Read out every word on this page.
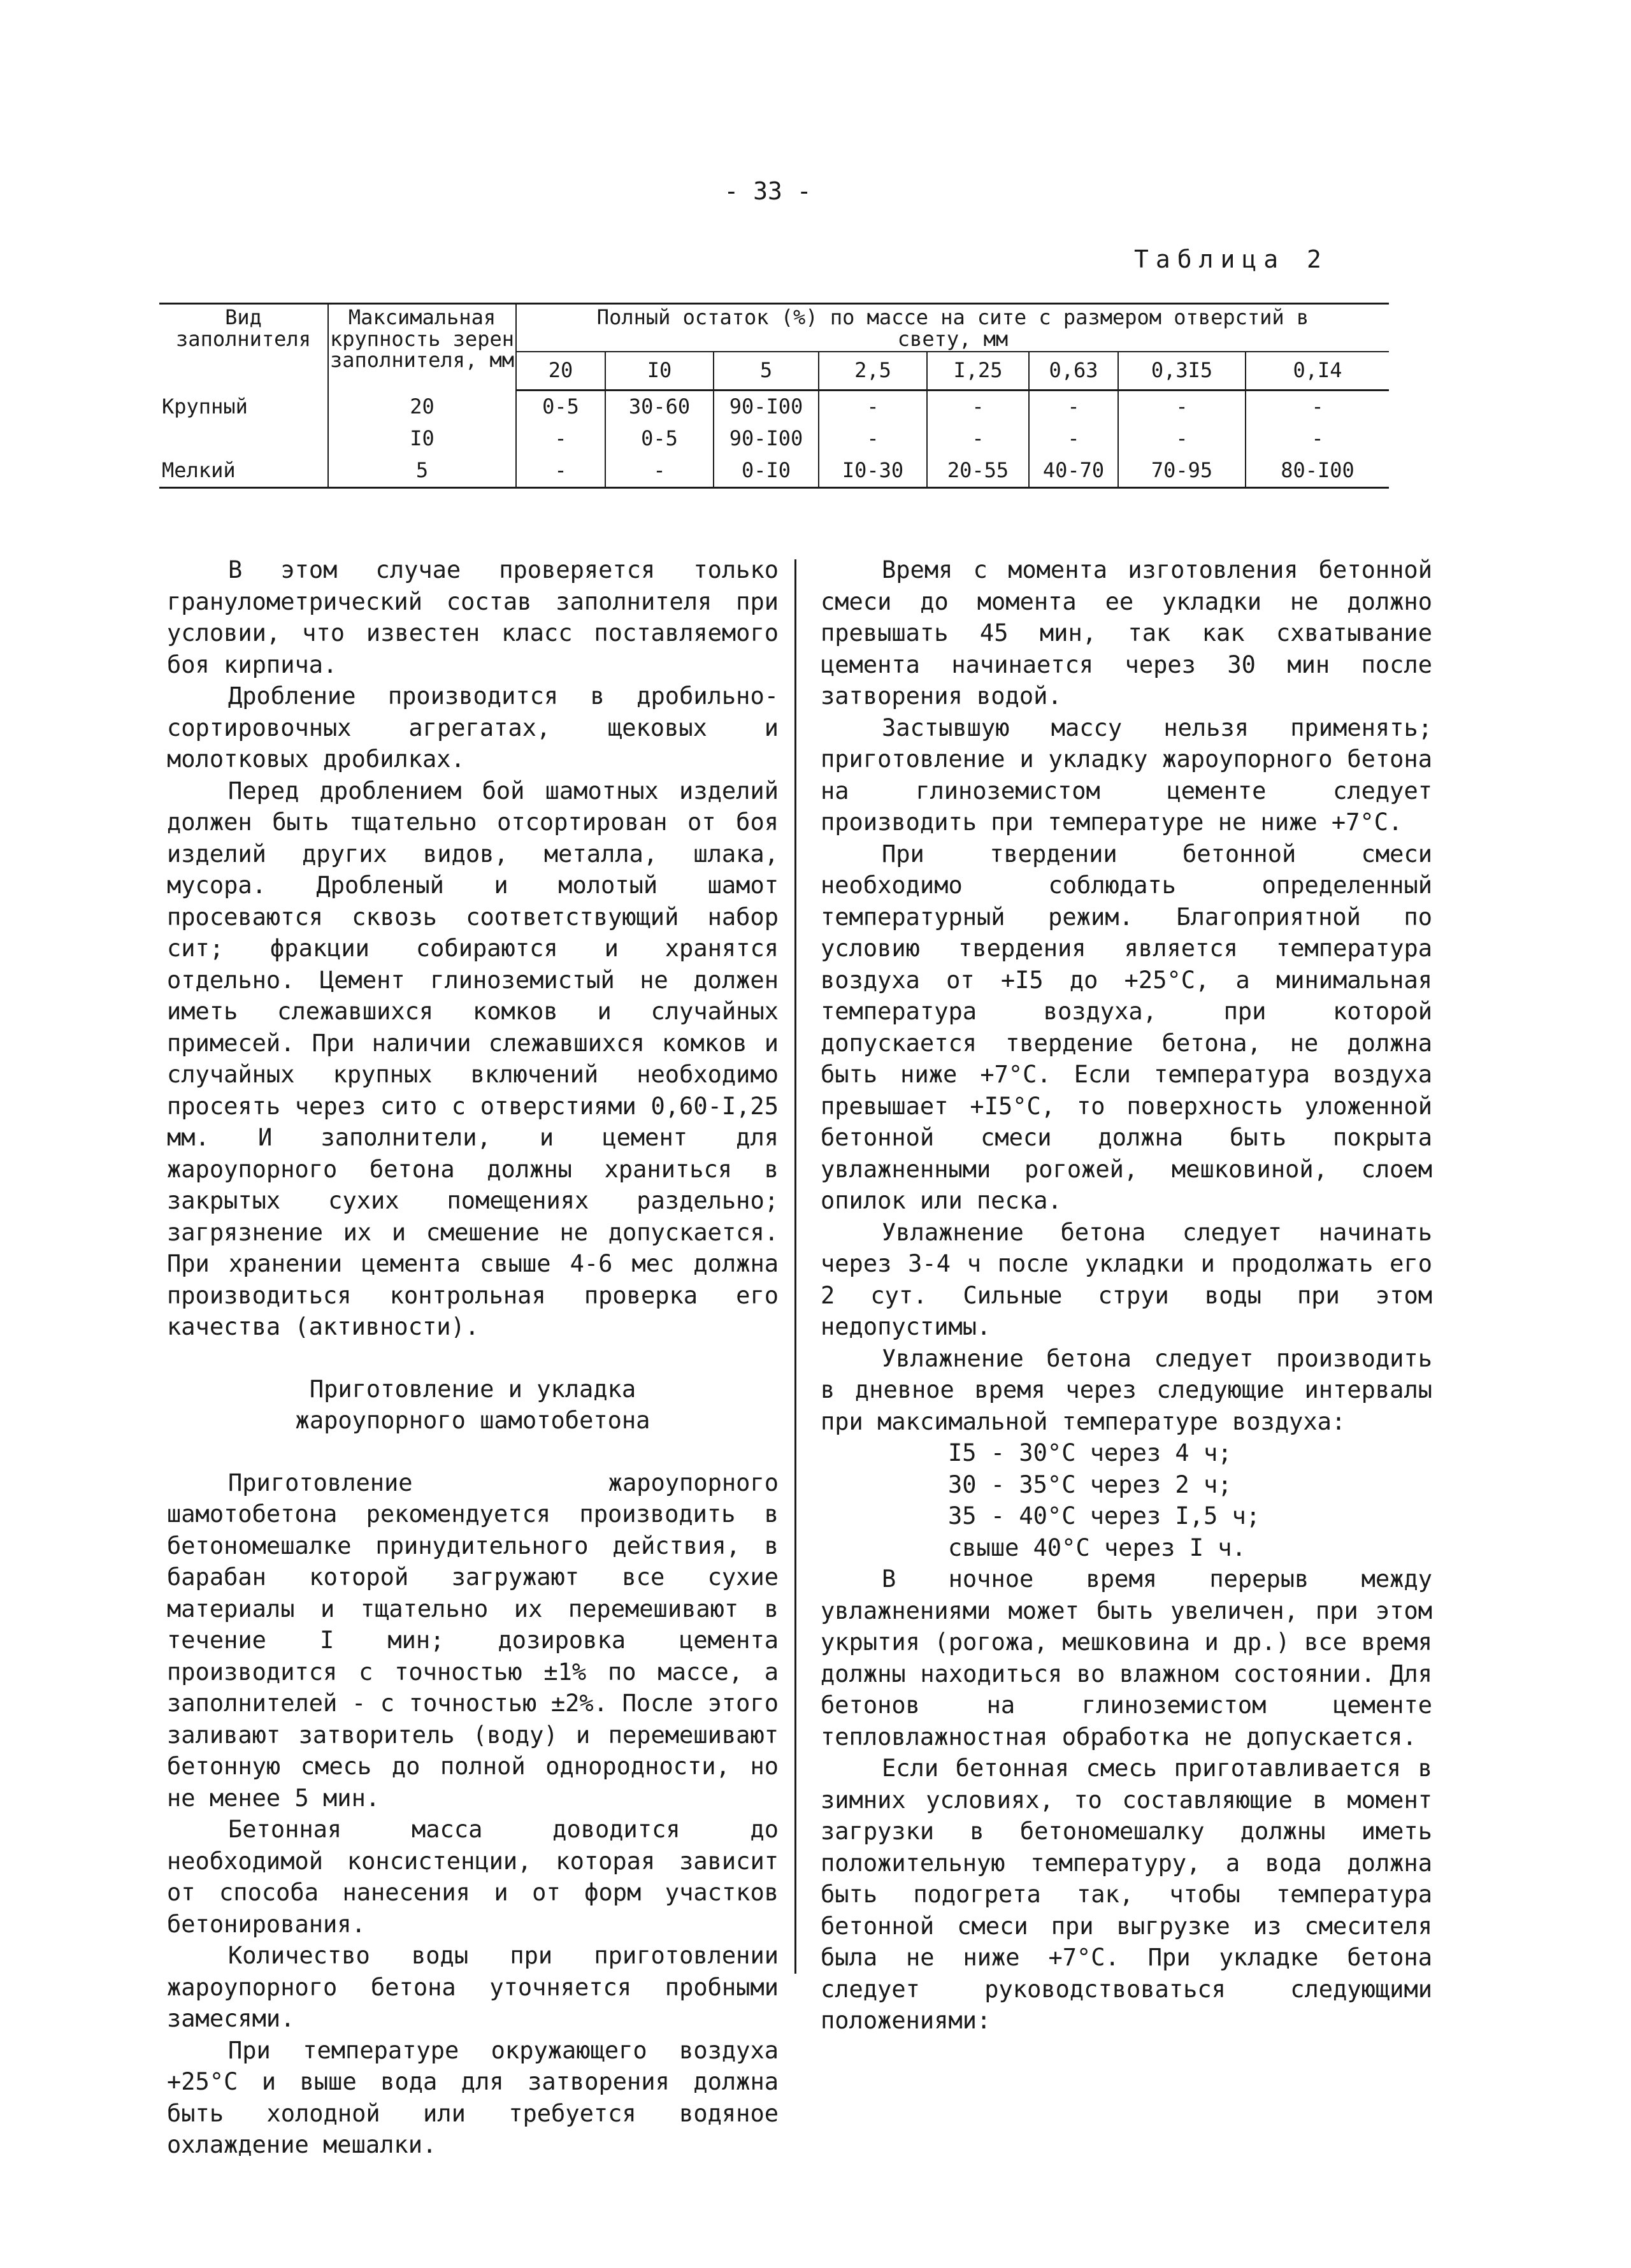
- 33 -
Таблица 2
Вид заполнителя	Максимальная крупность зерен заполнителя, мм	Полный остаток (%) по массе на сите с размером отверстий в свету, мм							
		20	I0	5	2,5	I,25	0,63	0,3I5	0,I4
Крупный	20	0-5	30-60	90-I00	-	-	-	-	-
	I0	-	0-5	90-I00	-	-	-	-	-
Мелкий	5	-	-	0-I0	I0-30	20-55	40-70	70-95	80-I00

В этом случае проверяется только гранулометрический состав заполнителя при условии, что известен класс поставляемого боя кирпича.

Дробление производится в дробильно-сортировочных агрегатах, щековых и молотковых дробилках.

Перед дроблением бой шамотных изделий должен быть тщательно отсортирован от боя изделий других видов, металла, шлака, мусора. Дробленый и молотый шамот просеваются сквозь соответствующий набор сит; фракции собираются и хранятся отдельно. Цемент глиноземистый не должен иметь слежавшихся комков и случайных примесей. При наличии слежавшихся комков и случайных крупных включений необходимо просеять через сито с отверстиями 0,60-I,25 мм. И заполнители, и цемент для жароупорного бетона должны храниться в закрытых сухих помещениях раздельно; загрязнение их и смешение не допускается. При хранении цемента свыше 4-6 мес должна производиться контрольная проверка его качества (активности).

Приготовление и укладка

жароупорного шамотобетона

Приготовление жароупорного шамотобетона рекомендуется производить в бетономешалке принудительного действия, в барабан которой загружают все сухие материалы и тщательно их перемешивают в течение I мин; дозировка цемента производится с точностью ±1% по массе, а заполнителей - с точностью ±2%. После этого заливают затворитель (воду) и перемешивают бетонную смесь до полной однородности, но не менее 5 мин.

Бетонная масса доводится до необходимой консистенции, которая зависит от способа нанесения и от форм участков бетонирования.

Количество воды при приготовлении жароупорного бетона уточняется пробными замесями.

При температуре окружающего воздуха +25°С и выше вода для затворения должна быть холодной или требуется водяное охлаждение мешалки.

Время с момента изготовления бетонной смеси до момента ее укладки не должно превышать 45 мин, так как схватывание цемента начинается через 30 мин после затворения водой.

Застывшую массу нельзя применять; приготовление и укладку жароупорного бетона на глиноземистом цементе следует производить при температуре не ниже +7°С.

При твердении бетонной смеси необходимо соблюдать определенный температурный режим. Благоприятной по условию твердения является температура воздуха от +I5 до +25°С, а минимальная температура воздуха, при которой допускается твердение бетона, не должна быть ниже +7°С. Если температура воздуха превышает +I5°С, то поверхность уложенной бетонной смеси должна быть покрыта увлажненными рогожей, мешковиной, слоем опилок или песка.

Увлажнение бетона следует начинать через 3-4 ч после укладки и продолжать его 2 сут. Сильные струи воды при этом недопустимы.

Увлажнение бетона следует производить в дневное время через следующие интервалы при максимальной температуре воздуха:

I5 - 30°С через 4 ч;

30 - 35°С через 2 ч;

35 - 40°С через I,5 ч;

свыше 40°С через I ч.

В ночное время перерыв между увлажнениями может быть увеличен, при этом укрытия (рогожа, мешковина и др.) все время должны находиться во влажном состоянии. Для бетонов на глиноземистом цементе тепловлажностная обработка не допускается.

Если бетонная смесь приготавливается в зимних условиях, то составляющие в момент загрузки в бетономешалку должны иметь положительную температуру, а вода должна быть подогрета так, чтобы температура бетонной смеси при выгрузке из смесителя была не ниже +7°С. При укладке бетона следует руководствоваться следующими положениями:
